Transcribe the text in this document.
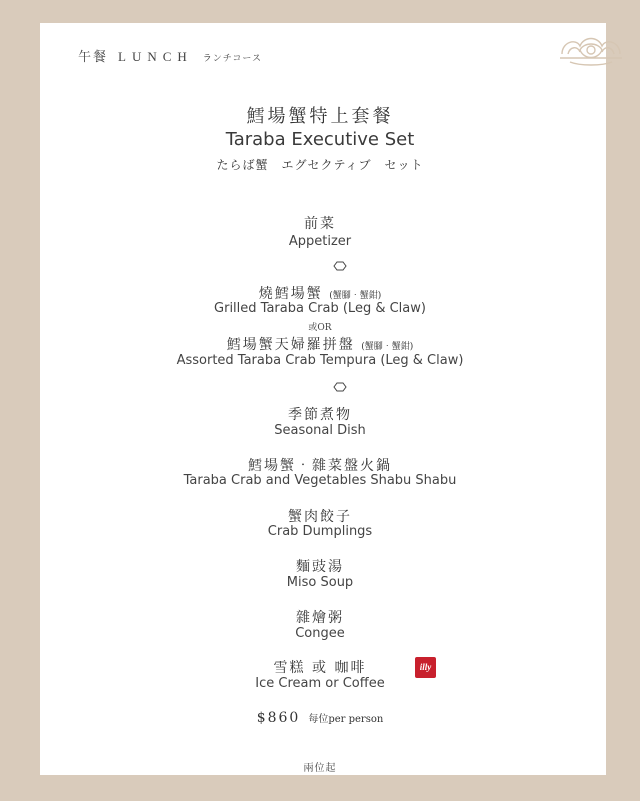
午餐 LUNCH ランチコース
鱈場蟹特上套餐
Taraba Executive Set
たらば蟹　エグセクティブ　セット
前菜
Appetizer
燒鱈場蟹 (蟹腳‧蟹鉗)
Grilled Taraba Crab (Leg & Claw)
或OR
鱈場蟹天婦羅拼盤 (蟹腳‧蟹鉗)
Assorted Taraba Crab Tempura (Leg & Claw)
季節煮物
Seasonal Dish
鱈場蟹‧雜菜盤火鍋
Taraba Crab and Vegetables Shabu Shabu
蟹肉餃子
Crab Dumplings
麵豉湯
Miso Soup
雜燴粥
Congee
雪糕 或 咖啡
Ice Cream or Coffee
illy
$860 每位per person
兩位起
